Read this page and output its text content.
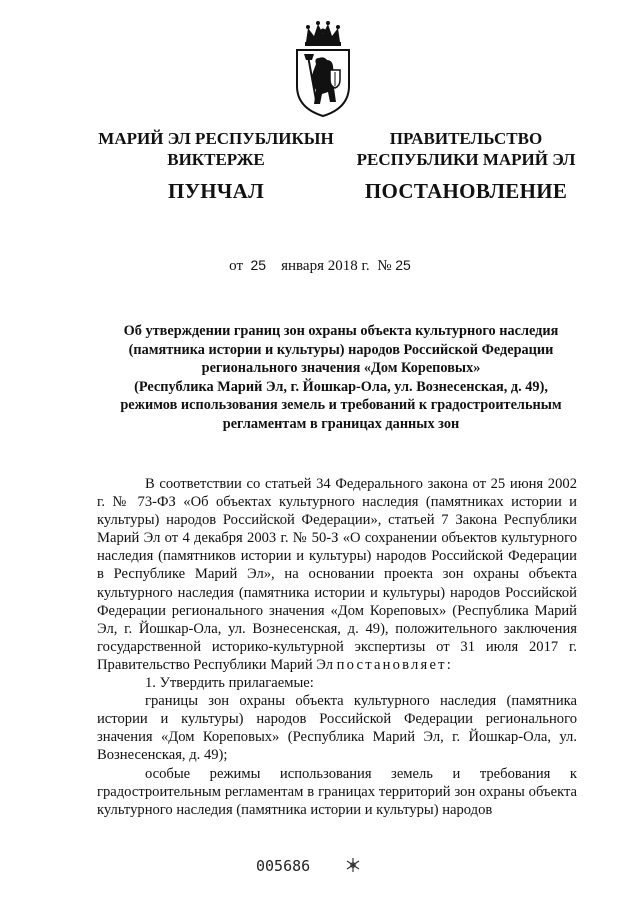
МАРИЙ ЭЛ РЕСПУБЛИКЫН
ВИКТЕРЖЕ
ПУНЧАЛ
ПРАВИТЕЛЬСТВО
РЕСПУБЛИКИ МАРИЙ ЭЛ
ПОСТАНОВЛЕНИЕ
от 25 января 2018 г. № 25
Об утверждении границ зон охраны объекта культурного наследия
(памятника истории и культуры) народов Российской Федерации
регионального значения «Дом Кореповых»
(Республика Марий Эл, г. Йошкар-Ола, ул. Вознесенская, д. 49),
режимов использования земель и требований к градостроительным
регламентам в границах данных зон

В соответствии со статьей 34 Федерального закона от 25 июня 2002 г. № 73-ФЗ «Об объектах культурного наследия (памятниках истории и культуры) народов Российской Федерации», статьей 7 Закона Республики Марий Эл от 4 декабря 2003 г. № 50-З «О сохранении объектов культурного наследия (памятников истории и культуры) народов Российской Федерации в Республике Марий Эл», на основании проекта зон охраны объекта культурного наследия (памятника истории и культуры) народов Российской Федерации регионального значения «Дом Кореповых» (Республика Марий Эл, г. Йошкар-Ола, ул. Вознесенская, д. 49), положительного заключения государственной историко-культурной экспертизы от 31 июля 2017 г. Правительство Республики Марий Эл постановляет:

1. Утвердить прилагаемые:

границы зон охраны объекта культурного наследия (памятника истории и культуры) народов Российской Федерации регионального значения «Дом Кореповых» (Республика Марий Эл, г. Йошкар-Ола, ул. Вознесенская, д. 49);

особые режимы использования земель и требования к градостроительным регламентам в границах территорий зон охраны объекта культурного наследия (памятника истории и культуры) народов

005686
